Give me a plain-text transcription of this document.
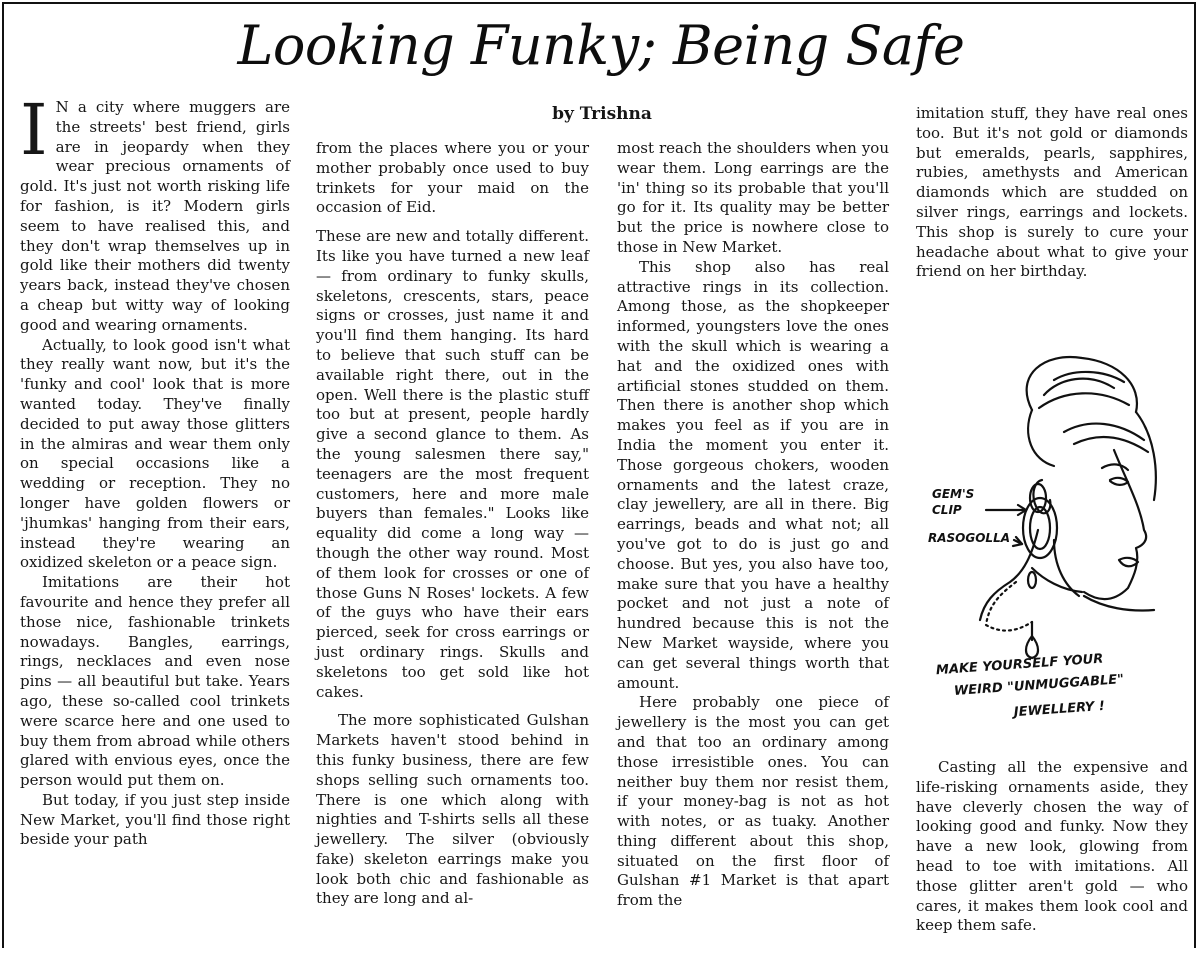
Looking Funky; Being Safe
by Trishna

I N a city where muggers are the streets' best friend, girls are in jeopardy when they wear precious ornaments of gold. It's just not worth risking life for fashion, is it? Modern girls seem to have realised this, and they don't wrap themselves up in gold like their mothers did twenty years back, instead they've chosen a cheap but witty way of looking good and wearing ornaments.

Actually, to look good isn't what they really want now, but it's the 'funky and cool' look that is more wanted today. They've finally decided to put away those glitters in the almiras and wear them only on special occasions like a wedding or reception. They no longer have golden flowers or 'jhumkas' hanging from their ears, instead they're wearing an oxidized skeleton or a peace sign.

Imitations are their hot favourite and hence they prefer all those nice, fashionable trinkets nowadays. Bangles, earrings, rings, necklaces and even nose pins — all beautiful but take. Years ago, these so-called cool trinkets were scarce here and one used to buy them from abroad while others glared with envious eyes, once the person would put them on.

But today, if you just step inside New Market, you'll find those right beside your path

from the places where you or your mother probably once used to buy trinkets for your maid on the occasion of Eid.

These are new and totally different. Its like you have turned a new leaf — from ordinary to funky skulls, skeletons, crescents, stars, peace signs or crosses, just name it and you'll find them hanging. Its hard to believe that such stuff can be available right there, out in the open. Well there is the plastic stuff too but at present, people hardly give a second glance to them. As the young salesmen there say," teenagers are the most frequent customers, here and more male buyers than females." Looks like equality did come a long way — though the other way round. Most of them look for crosses or one of those Guns N Roses' lockets. A few of the guys who have their ears pierced, seek for cross earrings or just ordinary rings. Skulls and skeletons too get sold like hot cakes.

The more sophisticated Gulshan Markets haven't stood behind in this funky business, there are few shops selling such ornaments too. There is one which along with nighties and T-shirts sells all these jewellery. The silver (obviously fake) skeleton earrings make you look both chic and fashionable as they are long and al-

most reach the shoulders when you wear them. Long earrings are the 'in' thing so its probable that you'll go for it. Its quality may be better but the price is nowhere close to those in New Market.

This shop also has real attractive rings in its collection. Among those, as the shopkeeper informed, youngsters love the ones with the skull which is wearing a hat and the oxidized ones with artificial stones studded on them. Then there is another shop which makes you feel as if you are in India the moment you enter it. Those gorgeous chokers, wooden ornaments and the latest craze, clay jewellery, are all in there. Big earrings, beads and what not; all you've got to do is just go and choose. But yes, you also have too, make sure that you have a healthy pocket and not just a note of hundred because this is not the New Market wayside, where you can get several things worth that amount.

Here probably one piece of jewellery is the most you can get and that too an ordinary among those irresistible ones. You can neither buy them nor resist them, if your money-bag is not as hot with notes, or as tuaky. Another thing different about this shop, situated on the first floor of Gulshan #1 Market is that apart from the

imitation stuff, they have real ones too. But it's not gold or diamonds but emeralds, pearls, sapphires, rubies, amethysts and American diamonds which are studded on silver rings, earrings and lockets. This shop is surely to cure your headache about what to give your friend on her birthday.

GEM'S
CLIP
RASOGOLLA
MAKE YOURSELF YOUR
WEIRD "UNMUGGABLE"
JEWELLERY !

Casting all the expensive and life-risking ornaments aside, they have cleverly chosen the way of looking good and funky. Now they have a new look, glowing from head to toe with imitations. All those glitter aren't gold — who cares, it makes them look cool and keep them safe.
